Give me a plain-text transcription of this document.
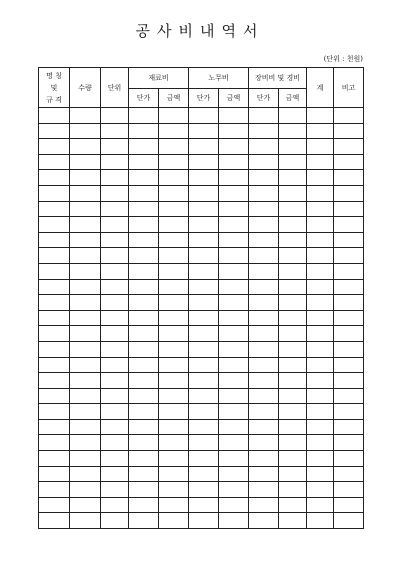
공사비내역서
(단위 : 천원)
명 칭
및
규 격	수량	단위	재료비		노무비		장비비 및 경비		계	비고
			단가	금액	단가	금액	단가	금액		
